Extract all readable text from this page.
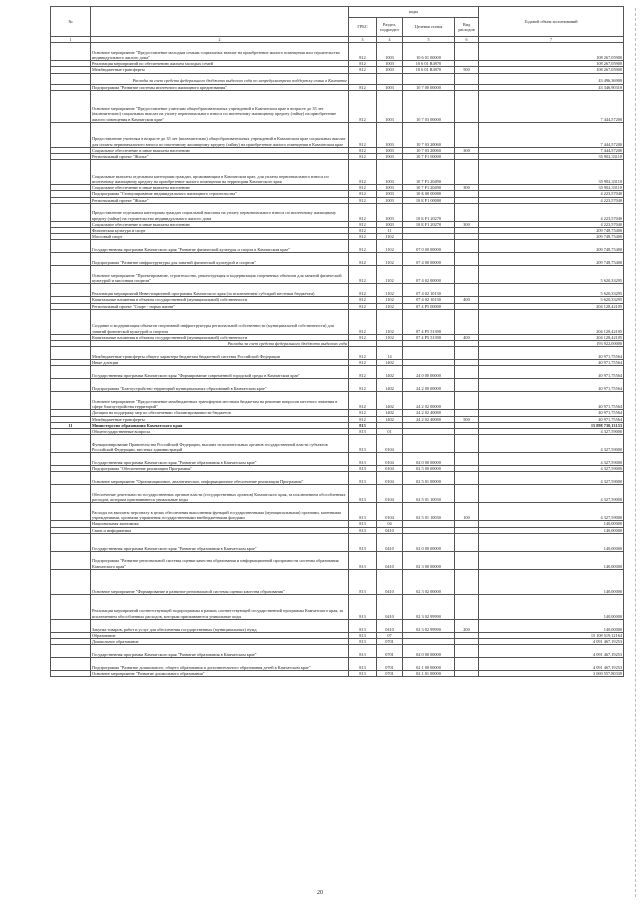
№		коды				Годовой объем ассигнований
		ГРБС	Раздел, подраздел	Целевая статья	Вид расходов	
1	2	3	4	5	6	7
	Основное мероприятие "Предоставление молодым семьям социальных выплат на приобретение жилого помещения или строительство индивидуального жилого дома"	812	1003	10 6 01 00000		108 267,05900
	Реализация мероприятий по обеспечению жильем молодых семей	812	1003	10 6 01 R4970		108 267,05900
	Межбюджетные трансферты	812	1003	10 6 01 R4970	500	108 267,05900
	Расходы за счет средств федерального бюджета выделено сода по непредусмотрено поддержку семьи в Камчатке					43 496,36900
	Подпрограмма "Развитие системы ипотечного жилищного кредитования"	812	1003	10 7 00 00000		43 346,90310
	Основное мероприятие "Предоставление учителям общеобразовательных учреждений в Камчатском крае в возрасте до 35 лет (включительно) социальных выплат на уплату первоначального взноса по ипотечному жилищному кредиту (займу) на приобретение жилого помещения в Камчатском крае"	812	1003	10 7 03 00000		7 444,57200
	Предоставление учителям в возрасте до 35 лет (включительно) общеобразовательных учреждений в Камчатском крае социальных выплат для оплаты первоначального взноса по ипотечному жилищному кредиту (займу) на приобретение жилого помещения в Камчатском крае	812	1003	10 7 03 20060		7 444,57200
	Социальное обеспечение и иные выплаты населению	812	1003	10 7 03 20060	300	7 444,57200
	Региональный проект "Жилье"	812	1003	10 7 F1 00000		35 902,33110
	Социальные выплаты отдельным категориям граждан, проживающим в Камчатском крае, для уплаты первоначального взноса по ипотечному жилищному кредиту на приобретение жилого помещения на территории Камчатского края	812	1003	10 7 F1 20490		35 902,33110
	Социальное обеспечение и иные выплаты населению	812	1003	10 7 F1 20490	300	35 902,33110
	Подпрограмма "Стимулирование индивидуального жилищного строительства"	812	1003	10 Б 00 00000		4 223,57040
	Региональный проект "Жилье"	812	1003	10 Б F1 00000		4 223,57040
	Предоставление отдельным категориям граждан социальной выплаты на уплату первоначального взноса по ипотечному жилищному кредиту (займу) на строительство индивидуального жилого дома	812	1003	10 Б F1 20270		4 223,57040
	Социальное обеспечение и иные выплаты населению	812	1003	10 Б F1 20270	300	4 223,57040
	Физическая культура и спорт	812	11			209 748,75400
	Массовый спорт	812	1102			209 748,75400
	Государственная программа Камчатского края "Развитие физической культуры и спорта в Камчатском крае"	812	1102	07 0 00 00000		209 748,75400
	Подпрограмма "Развитие инфраструктуры для занятий физической культурой и спортом"	812	1102	07 4 00 00000		209 748,75400
	Основное мероприятие "Проектирование, строительство, реконструкция и модернизация спортивных объектов для занятий физической культурой и массовым спортом"	812	1102	07 4 02 00000		5 620,33295
	Реализация мероприятий Инвестиционной программы Камчатского края (за исключением субсидий местным бюджетам)	812	1102	07 4 02 10130		5 620,33295
	Капитальные вложения в объекты государственной (муниципальной) собственности	812	1102	07 4 02 10130	400	5 620,33295
	Региональный проект "Спорт - норма жизни"	812	1102	07 4 P5 00000		204 128,42105
	Создание и модернизация объектов спортивной инфраструктуры региональной собственности (муниципальной собственности) для занятий физической культурой и спортом	812	1102	07 4 P5 51390		204 128,42105
	Капитальные вложения в объекты государственной (муниципальной) собственности	812	1102	07 4 P5 51390	400	204 128,42105
	Расходы за счет средств федерального бюджета выделено года					193 922,00000
	Межбюджетные трансферты общего характера бюджетам бюджетной системы Российской Федерации	812	14			40 971,75564
	Иные дотации	812	1402			40 971,75564
	Государственная программа Камчатского края "Формирование современной городской среды в Камчатском крае"	812	1402	24 0 00 00000		40 971,75564
	Подпрограмма "Благоустройство территорий муниципальных образований в Камчатском крае"	812	1402	24 2 00 00000		40 971,75564
	Основное мероприятие "Предоставление межбюджетных трансфертов местным бюджетам на решение вопросов местного значения в сфере благоустройства территорий"	812	1402	24 2 02 00000		40 971,75564
	Дотации на поддержку мер по обеспечению сбалансированности бюджетов	812	1402	24 2 02 40080		40 971,75564
	Межбюджетные трансферты	812	1402	24 2 02 40080	500	40 971,75564
11	Министерство образования Камчатского края	813				15 898 730,13153
	Общегосударственные вопросы	813	01			4 327,59000
	Функционирование Правительства Российской Федерации, высших исполнительных органов государственной власти субъектов Российской Федерации, местных администраций	813	0104			4 327,59000
	Государственная программа Камчатского края "Развитие образования в Камчатском крае"	813	0104	02 0 00 00000		4 327,59000
	Подпрограмма "Обеспечение реализации Программы"	813	0104	02 5 00 00000		4 327,59000
	Основное мероприятие "Организационное, аналитическое, информационное обеспечение реализации Программы"	813	0104	02 5 01 00000		4 327,59000
	Обеспечение деятельности государственных органов власти (государственных органов) Камчатского края, за исключением обособленных расходов, которым присваиваются уникальные коды	813	0104	02 5 01 10030		4 327,59000
	Расходы на выплаты персоналу в целях обеспечения выполнения функций государственными (муниципальными) органами, казенными учреждениями, органами управления государственными внебюджетными фондами	813	0104	02 5 01 10030	100	4 327,59000
	Национальная экономика	813	04			140,00000
	Связь и информатика	813	0410			140,00000
	Государственная программа Камчатского края "Развитие образования в Камчатском крае"	813	0410	02 0 00 00000		140,00000
	Подпрограмма "Развитие региональной системы оценки качества образования и информационной прозрачности системы образования Камчатского края"	813	0410	02 3 00 00000		140,00000
	Основное мероприятие "Формирование и развитие региональной системы оценки качества образования"	813	0410	02 3 02 00000		140,00000
	Реализация мероприятий соответствующей подпрограммы в рамках соответствующей государственной программы Камчатского края, за исключением обособленных расходов, которым присваиваются уникальные коды	813	0410	02 3 02 99990		140,00000
	Закупка товаров, работ и услуг для обеспечения государственных (муниципальных) нужд	813	0410	02 3 02 99990	200	140,00000
	Образование	813	07			15 108 519,12164
	Дошкольное образование	813	0701			4 091 467,19253
	Государственная программа Камчатского края "Развитие образования в Камчатском крае"	813	0701	02 0 00 00000		4 091 467,19253
	Подпрограмма "Развитие дошкольного, общего образования и дополнительного образования детей в Камчатском крае"	813	0701	02 1 00 00000		4 091 467,19253
	Основное мероприятие "Развитие дошкольного образования"	813	0701	02 1 01 00000		3 069 557,80339
20
